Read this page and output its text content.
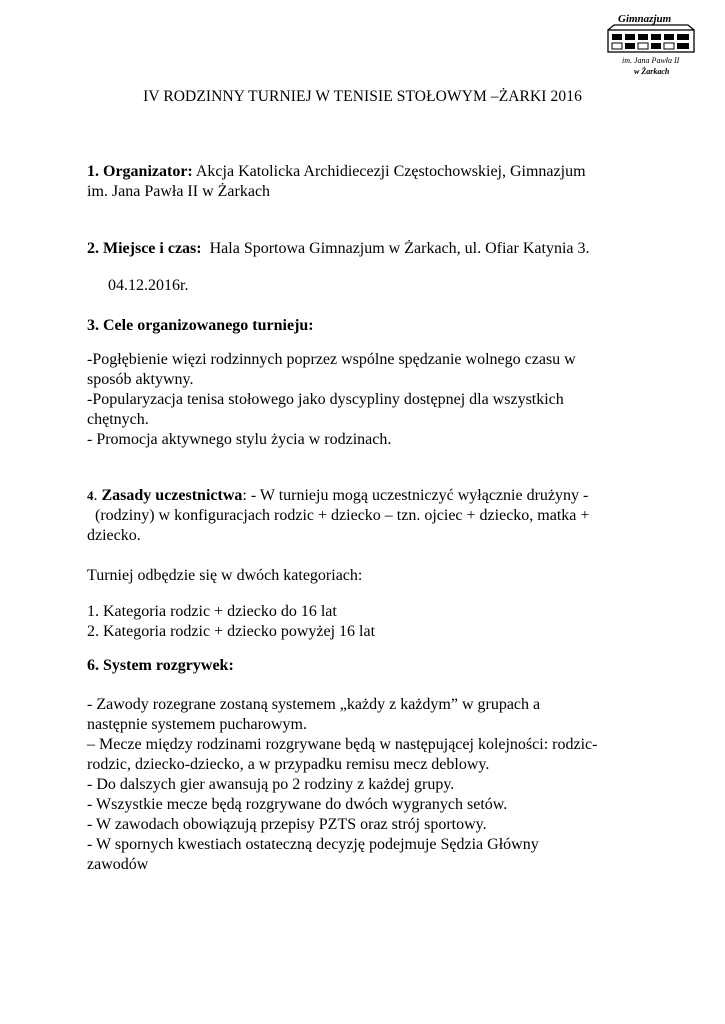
Gimnazjum
im. Jana Pawła II
w Żarkach
IV RODZINNY TURNIEJ W TENISIE STOŁOWYM –ŻARKI 2016
1. Organizator: Akcja Katolicka Archidiecezji Częstochowskiej, Gimnazjum
im. Jana Pawła II w Żarkach
2. Miejsce i czas: Hala Sportowa Gimnazjum w Żarkach, ul. Ofiar Katynia 3.
04.12.2016r.
3. Cele organizowanego turnieju:
-Pogłębienie więzi rodzinnych poprzez wspólne spędzanie wolnego czasu w
sposób aktywny.
-Popularyzacja tenisa stołowego jako dyscypliny dostępnej dla wszystkich
chętnych.
- Promocja aktywnego stylu życia w rodzinach.
4. Zasady uczestnictwa: - W turnieju mogą uczestniczyć wyłącznie drużyny -
(rodziny) w konfiguracjach rodzic + dziecko – tzn. ojciec + dziecko, matka +
dziecko.
Turniej odbędzie się w dwóch kategoriach:
1. Kategoria rodzic + dziecko do 16 lat
2. Kategoria rodzic + dziecko powyżej 16 lat
6. System rozgrywek:
- Zawody rozegrane zostaną systemem „każdy z każdym” w grupach a
następnie systemem pucharowym.
– Mecze między rodzinami rozgrywane będą w następującej kolejności: rodzic-
rodzic, dziecko-dziecko, a w przypadku remisu mecz deblowy.
- Do dalszych gier awansują po 2 rodziny z każdej grupy.
- Wszystkie mecze będą rozgrywane do dwóch wygranych setów.
- W zawodach obowiązują przepisy PZTS oraz strój sportowy.
- W spornych kwestiach ostateczną decyzję podejmuje Sędzia Główny
zawodów
